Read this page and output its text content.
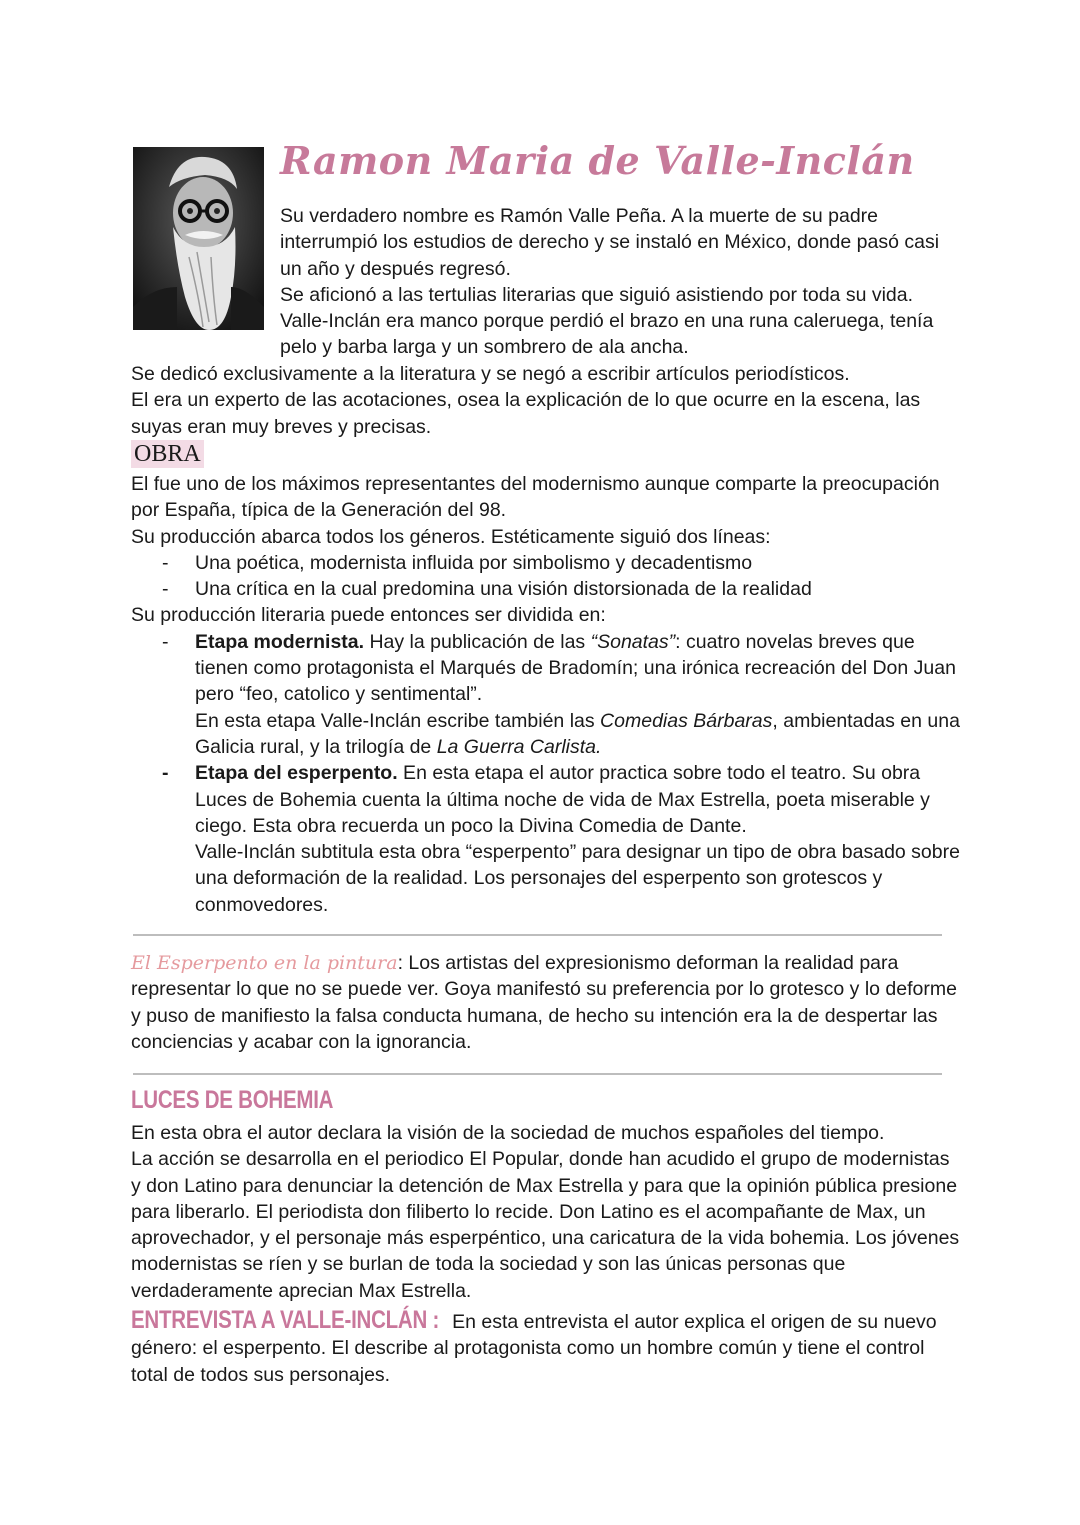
Ramon Maria de Valle-Inclán

Su verdadero nombre es Ramón Valle Peña. A la muerte de su padre interrumpió los estudios de derecho y se instaló en México, donde pasó casi un año y después regresó.

Se aficionó a las tertulias literarias que siguió asistiendo por toda su vida. Valle-Inclán era manco porque perdió el brazo en una runa caleruega, tenía pelo y barba larga y un sombrero de ala ancha.

Se dedicó exclusivamente a la literatura y se negó a escribir artículos periodísticos.

El era un experto de las acotaciones, osea la explicación de lo que ocurre en la escena, las suyas eran muy breves y precisas.

OBRA

El fue uno de los máximos representantes del modernismo aunque comparte la preocupación por España, típica de la Generación del 98.

Su producción abarca todos los géneros. Estéticamente siguió dos líneas:

- Una poética, modernista influida por simbolismo y decadentismo
- Una crítica en la cual predomina una visión distorsionada de la realidad

Su producción literaria puede entonces ser dividida en:

- Etapa modernista. Hay la publicación de las “Sonatas”: cuatro novelas breves que tienen como protagonista el Marqués de Bradomín; una irónica recreación del Don Juan pero “feo, catolico y sentimental”.
En esta etapa Valle-Inclán escribe también las Comedias Bárbaras, ambientadas en una Galicia rural, y la trilogía de La Guerra Carlista.
- Etapa del esperpento. En esta etapa el autor practica sobre todo el teatro. Su obra Luces de Bohemia cuenta la última noche de vida de Max Estrella, poeta miserable y ciego. Esta obra recuerda un poco la Divina Comedia de Dante.
Valle-Inclán subtitula esta obra “esperpento” para designar un tipo de obra basado sobre una deformación de la realidad. Los personajes del esperpento son grotescos y conmovedores.

El Esperpento en la pintura: Los artistas del expresionismo deforman la realidad para representar lo que no se puede ver. Goya manifestó su preferencia por lo grotesco y lo deforme y puso de manifiesto la falsa conducta humana, de hecho su intención era la de despertar las conciencias y acabar con la ignorancia.

LUCES DE BOHEMIA

En esta obra el autor declara la visión de la sociedad de muchos españoles del tiempo.

La acción se desarrolla en el periodico El Popular, donde han acudido el grupo de modernistas y don Latino para denunciar la detención de Max Estrella y para que la opinión pública presione para liberarlo. El periodista don filiberto lo recide. Don Latino es el acompañante de Max, un aprovechador, y el personaje más esperpéntico, una caricatura de la vida bohemia. Los jóvenes modernistas se ríen y se burlan de toda la sociedad y son las únicas personas que verdaderamente aprecian Max Estrella.

ENTREVISTA A VALLE-INCLÁN : En esta entrevista el autor explica el origen de su nuevo género: el esperpento. El describe al protagonista como un hombre común y tiene el control total de todos sus personajes.
